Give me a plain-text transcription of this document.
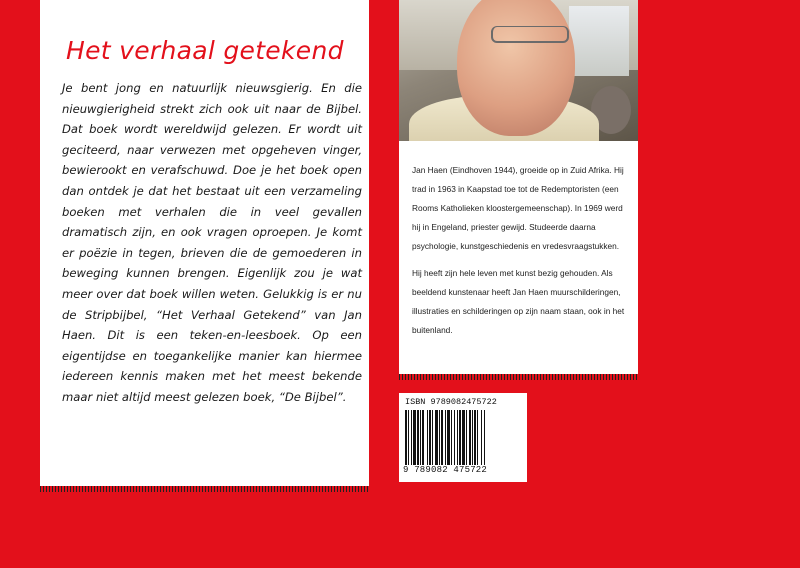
Het verhaal getekend
Je bent jong en natuurlijk nieuwsgierig. En die nieuwgierigheid strekt zich ook uit naar de Bijbel. Dat boek wordt wereldwijd gelezen. Er wordt uit geciteerd, naar verwezen met opgeheven vinger, bewierookt en verafschuwd. Doe je het boek open dan ontdek je dat het bestaat uit een verzameling boeken met verhalen die in veel gevallen dramatisch zijn, en ook vragen oproepen. Je komt er poëzie in tegen, brieven die de gemoederen in beweging kunnen brengen. Eigenlijk zou je wat meer over dat boek willen weten. Gelukkig is er nu de Stripbijbel, “Het Verhaal Getekend” van Jan Haen. Dit is een teken-en-leesboek. Op een eigentijdse en toegankelijke manier kan hiermee iedereen kennis maken met het meest bekende maar niet altijd meest gelezen boek, “De Bijbel”.

Jan Haen (Eindhoven 1944), groeide op in Zuid Afrika. Hij trad in 1963 in Kaapstad toe tot de Redemptoristen (een Rooms Katholieken kloostergemeenschap). In 1969 werd hij in Engeland, priester gewijd. Studeerde daarna psychologie, kunstgeschiedenis en vredesvraagstukken.

Hij heeft zijn hele leven met kunst bezig gehouden. Als beeldend kunstenaar heeft Jan Haen muurschilderingen, illustraties en schilderingen op zijn naam staan, ook in het buitenland.

ISBN 9789082475722
9 789082 475722
